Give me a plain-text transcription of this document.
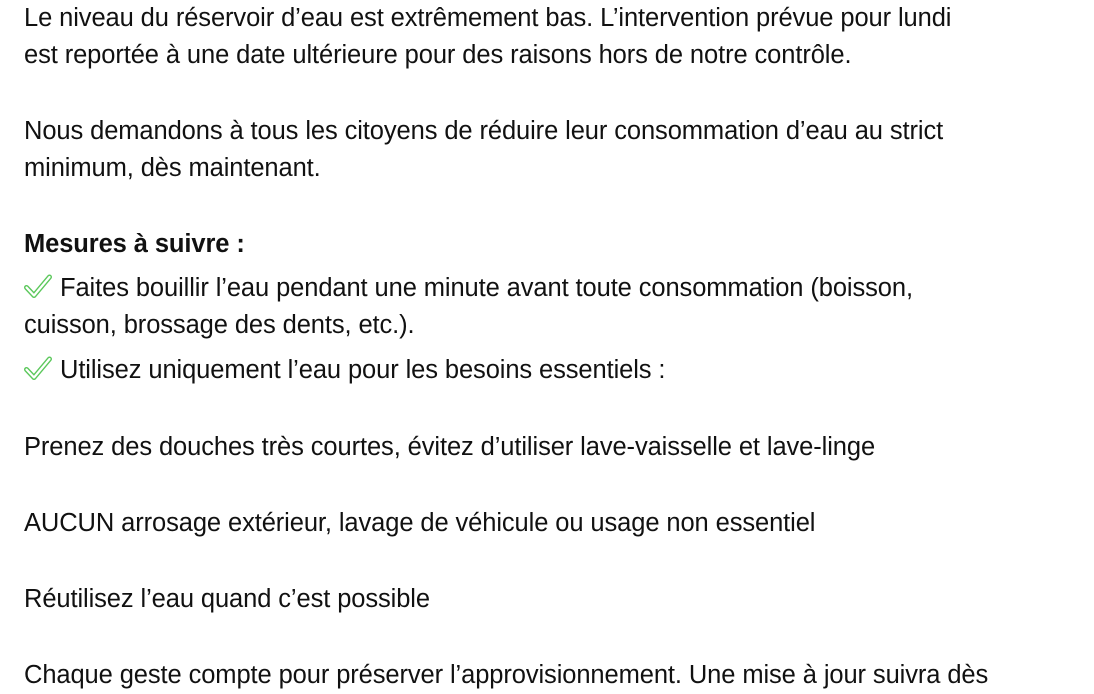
Le niveau du réservoir d’eau est extrêmement bas. L’intervention prévue pour lundi
est reportée à une date ultérieure pour des raisons hors de notre contrôle.

Nous demandons à tous les citoyens de réduire leur consommation d’eau au strict
minimum, dès maintenant.

Mesures à suivre :

Faites bouillir l’eau pendant une minute avant toute consommation (boisson,
cuisson, brossage des dents, etc.).

Utilisez uniquement l’eau pour les besoins essentiels :

Prenez des douches très courtes, évitez d’utiliser lave-vaisselle et lave-linge

AUCUN arrosage extérieur, lavage de véhicule ou usage non essentiel

Réutilisez l’eau quand c’est possible

Chaque geste compte pour préserver l’approvisionnement. Une mise à jour suivra dès
